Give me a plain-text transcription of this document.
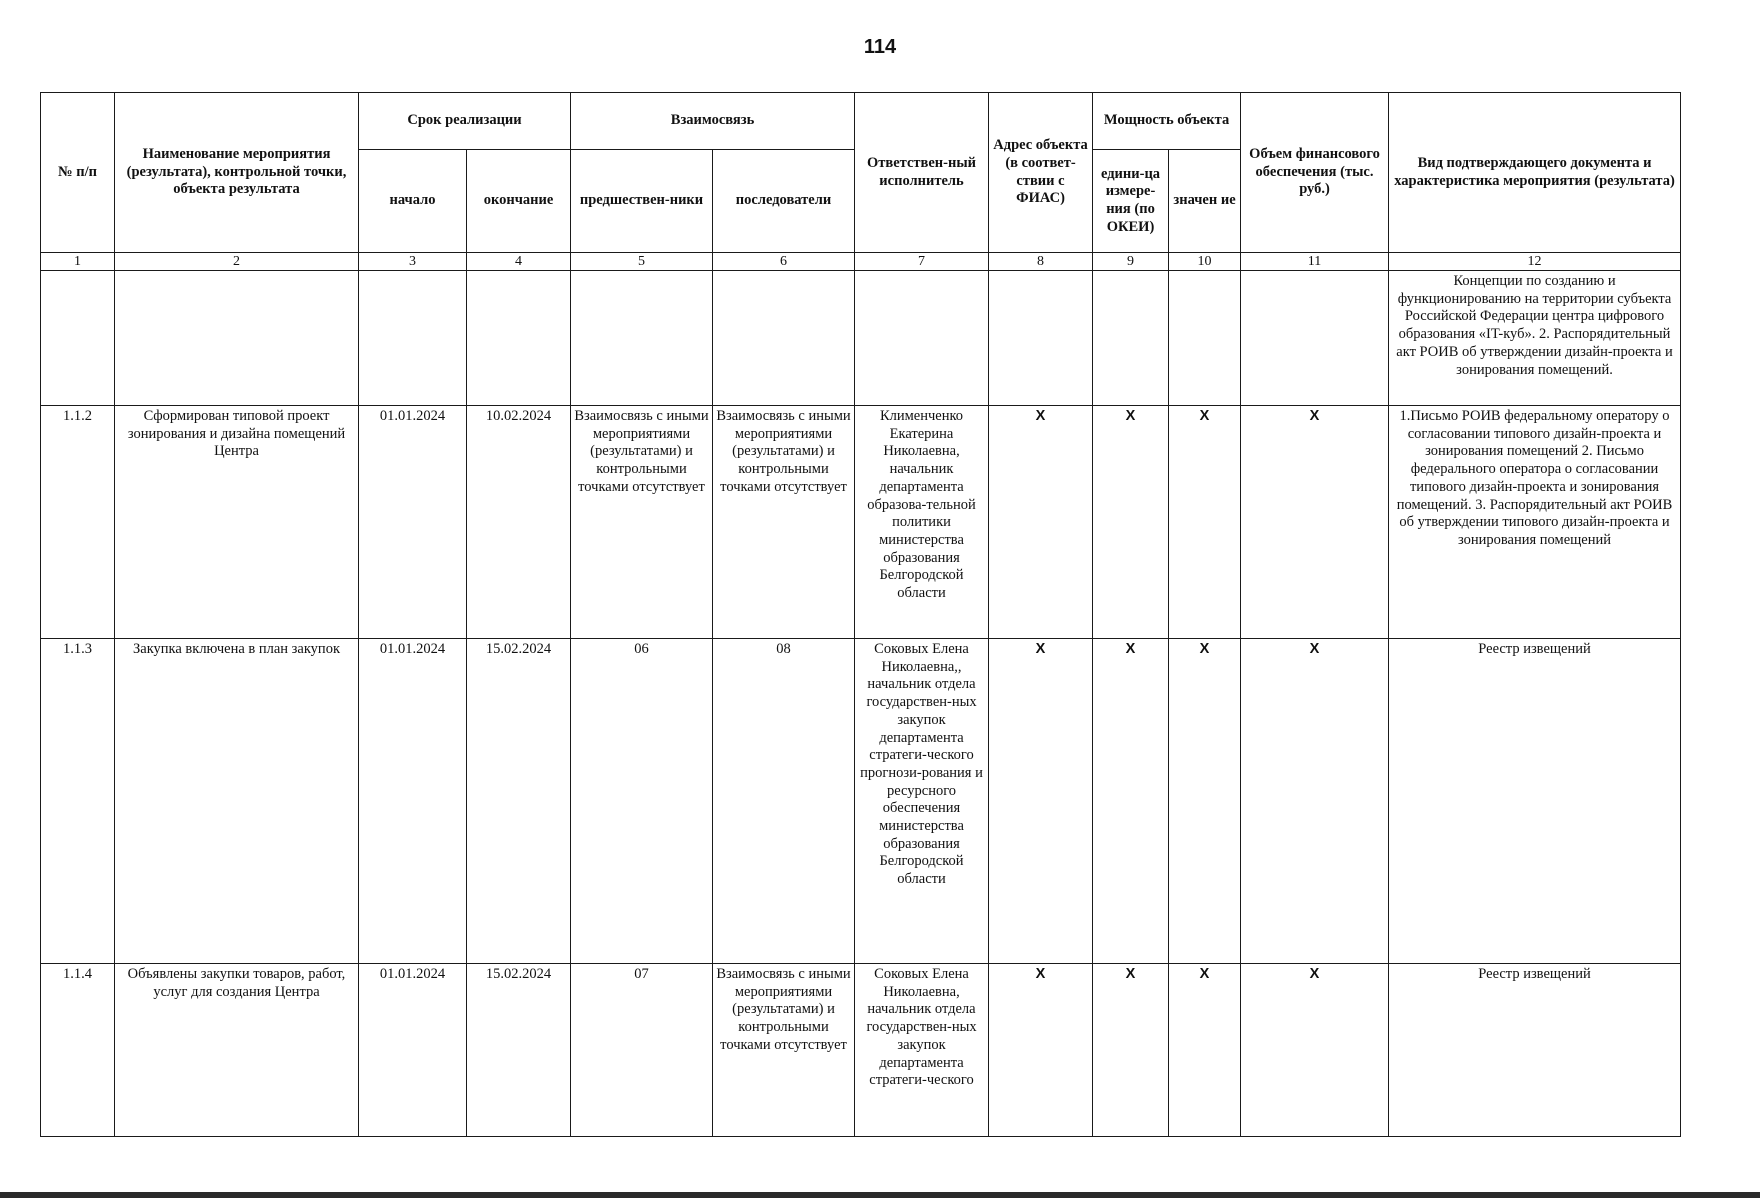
114
№ п/п	Наименование мероприятия (результата), контрольной точки, объекта результата	Срок реализации		Взаимосвязь		Ответствен-ный исполнитель	Адрес объекта (в соответ-ствии с ФИАС)	Мощность объекта		Объем финансового обеспечения (тыс. руб.)	Вид подтверждающего документа и характеристика мероприятия (результата)
		начало	окончание	предшествен-ники	последователи			едини-ца измере-ния (по ОКЕИ)	значен ие		
1	2	3	4	5	6	7	8	9	10	11	12
											Концепции по созданию и функционированию на территории субъекта Российской Федерации центра цифрового образования «IT-куб». 2. Распорядительный акт РОИВ об утверждении дизайн-проекта и зонирования помещений.
1.1.2	Сформирован типовой проект зонирования и дизайна помещений Центра	01.01.2024	10.02.2024	Взаимосвязь с иными мероприятиями (результатами) и контрольными точками отсутствует	Взаимосвязь с иными мероприятиями (результатами) и контрольными точками отсутствует	Клименченко Екатерина Николаевна, начальник департамента образова-тельной политики министерства образования Белгородской области	X	X	X	X	1.Письмо РОИВ федеральному оператору о согласовании типового дизайн-проекта и зонирования помещений 2. Письмо федерального оператора о согласовании типового дизайн-проекта и зонирования помещений. 3. Распорядительный акт РОИВ об утверждении типового дизайн-проекта и зонирования помещений
1.1.3	Закупка включена в план закупок	01.01.2024	15.02.2024	06	08	Соковых Елена Николаевна,, начальник отдела государствен-ных закупок департамента стратеги-ческого прогнози-рования и ресурсного обеспечения министерства образования Белгородской области	X	X	X	X	Реестр извещений
1.1.4	Объявлены закупки товаров, работ, услуг для создания Центра	01.01.2024	15.02.2024	07	Взаимосвязь с иными мероприятиями (результатами) и контрольными точками отсутствует	Соковых Елена Николаевна, начальник отдела государствен-ных закупок департамента стратеги-ческого	X	X	X	X	Реестр извещений
